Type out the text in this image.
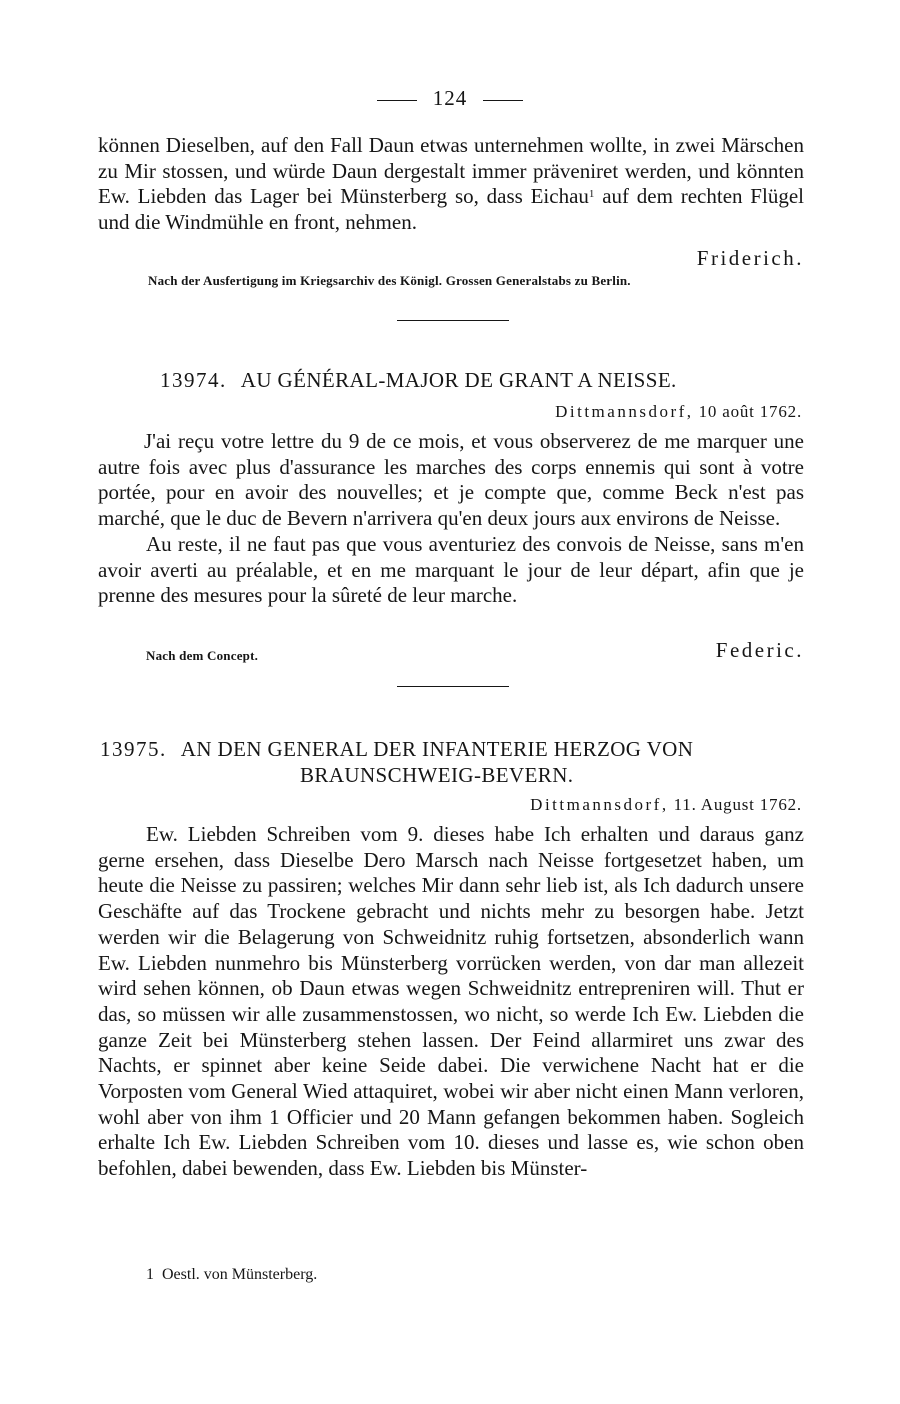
124

können Dieselben, auf den Fall Daun etwas unternehmen wollte, in zwei Märschen zu Mir stossen, und würde Daun dergestalt immer präveniret werden, und könnten Ew. Liebden das Lager bei Münsterberg so, dass Eichau$^1$ auf dem rechten Flügel und die Windmühle en front, nehmen.

Friderich.
Nach der Ausfertigung im Kriegsarchiv des Königl. Grossen Generalstabs zu Berlin.
13974. AU GÉNÉRAL-MAJOR DE GRANT A NEISSE.
Dittmannsdorf, 10 août 1762.

J'ai reçu votre lettre du 9 de ce mois, et vous observerez de me marquer une autre fois avec plus d'assurance les marches des corps ennemis qui sont à votre portée, pour en avoir des nouvelles; et je compte que, comme Beck n'est pas marché, que le duc de Bevern n'arrivera qu'en deux jours aux environs de Neisse.

Au reste, il ne faut pas que vous aventuriez des convois de Neisse, sans m'en avoir averti au préalable, et en me marquant le jour de leur départ, afin que je prenne des mesures pour la sûreté de leur marche.

Nach dem Concept.	Federic.
13975. AN DEN GENERAL DER INFANTERIE HERZOG VON
BRAUNSCHWEIG-BEVERN.
Dittmannsdorf, 11. August 1762.

Ew. Liebden Schreiben vom 9. dieses habe Ich erhalten und daraus ganz gerne ersehen, dass Dieselbe Dero Marsch nach Neisse fortgesetzet haben, um heute die Neisse zu passiren; welches Mir dann sehr lieb ist, als Ich dadurch unsere Geschäfte auf das Trockene gebracht und nichts mehr zu besorgen habe. Jetzt werden wir die Belagerung von Schweidnitz ruhig fortsetzen, absonderlich wann Ew. Liebden nunmehro bis Münsterberg vorrücken werden, von dar man allezeit wird sehen können, ob Daun etwas wegen Schweidnitz entrepreniren will. Thut er das, so müssen wir alle zusammenstossen, wo nicht, so werde Ich Ew. Liebden die ganze Zeit bei Münsterberg stehen lassen. Der Feind allarmiret uns zwar des Nachts, er spinnet aber keine Seide dabei. Die verwichene Nacht hat er die Vorposten vom General Wied attaquiret, wobei wir aber nicht einen Mann verloren, wohl aber von ihm 1 Officier und 20 Mann gefangen bekommen haben. Sogleich erhalte Ich Ew. Liebden Schreiben vom 10. dieses und lasse es, wie schon oben befohlen, dabei bewenden, dass Ew. Liebden bis Münster-

1 Oestl. von Münsterberg.
